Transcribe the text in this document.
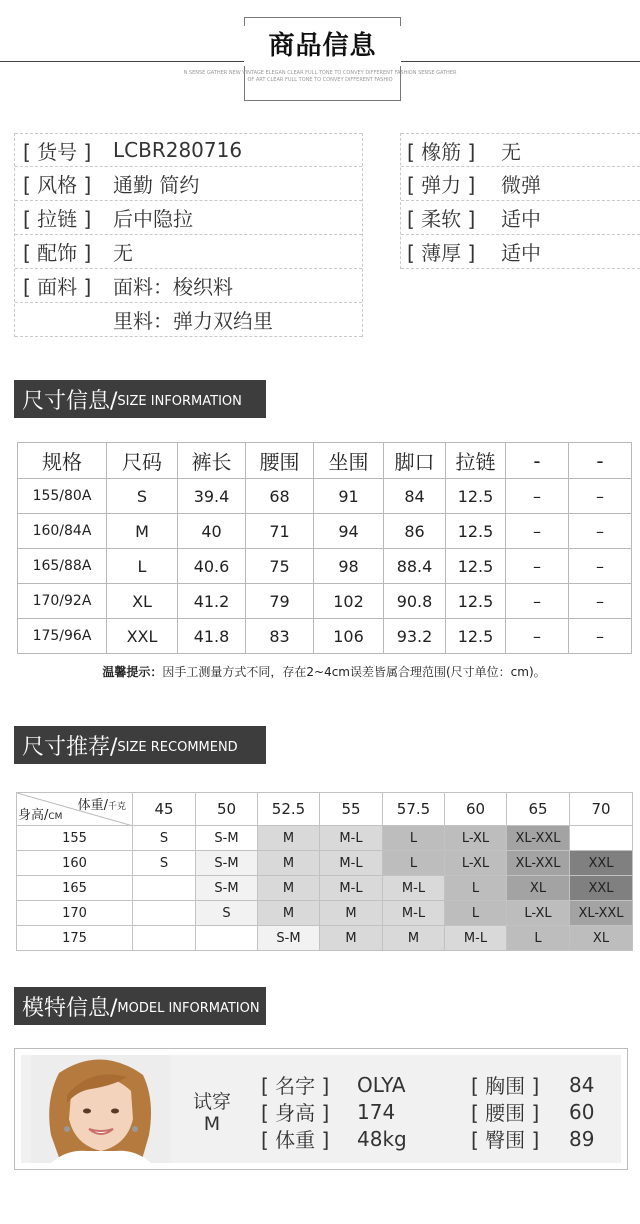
商品信息
N SENSE GATHER NEW VINTAGE ELEGAN CLEAR FULL TONE TO CONVEY DIFFERENT FASHION SENSE GATHER
OF ART CLEAR FULL TONE TO CONVEY DIFFERENT FASHIO
[ 货号 ]	LCBR280716
[ 风格 ]	通勤 简约
[ 拉链 ]	后中隐拉
[ 配饰 ]	无
[ 面料 ]	面料：梭织料
里料：弹力双绉里
[ 橡筋 ]	无
[ 弹力 ]	微弹
[ 柔软 ]	适中
[ 薄厚 ]	适中
尺寸信息/ SIZE INFORMATION
规格	尺码	裤长	腰围	坐围	脚口	拉链	-	-
155/80A	S	39.4	68	91	84	12.5	–	–
160/84A	M	40	71	94	86	12.5	–	–
165/88A	L	40.6	75	98	88.4	12.5	–	–
170/92A	XL	41.2	79	102	90.8	12.5	–	–
175/96A	XXL	41.8	83	106	93.2	12.5	–	–
温馨提示：因手工测量方式不同，存在2~4cm误差皆属合理范围(尺寸单位：cm)。
尺寸推荐/ SIZE RECOMMEND
体重/千克
身高/CM	45	50	52.5	55	57.5	60	65	70
155	S	S-M	M	M-L	L	L-XL	XL-XXL	
160	S	S-M	M	M-L	L	L-XL	XL-XXL	XXL
165		S-M	M	M-L	M-L	L	XL	XXL
170		S	M	M	M-L	L	L-XL	XL-XXL
175			S-M	M	M	M-L	L	XL
模特信息/ MODEL INFORMATION
试穿
M
[ 名字 ]	OLYA
[ 身高 ]	174
[ 体重 ]	48kg
[ 胸围 ]	84
[ 腰围 ]	60
[ 臀围 ]	89
